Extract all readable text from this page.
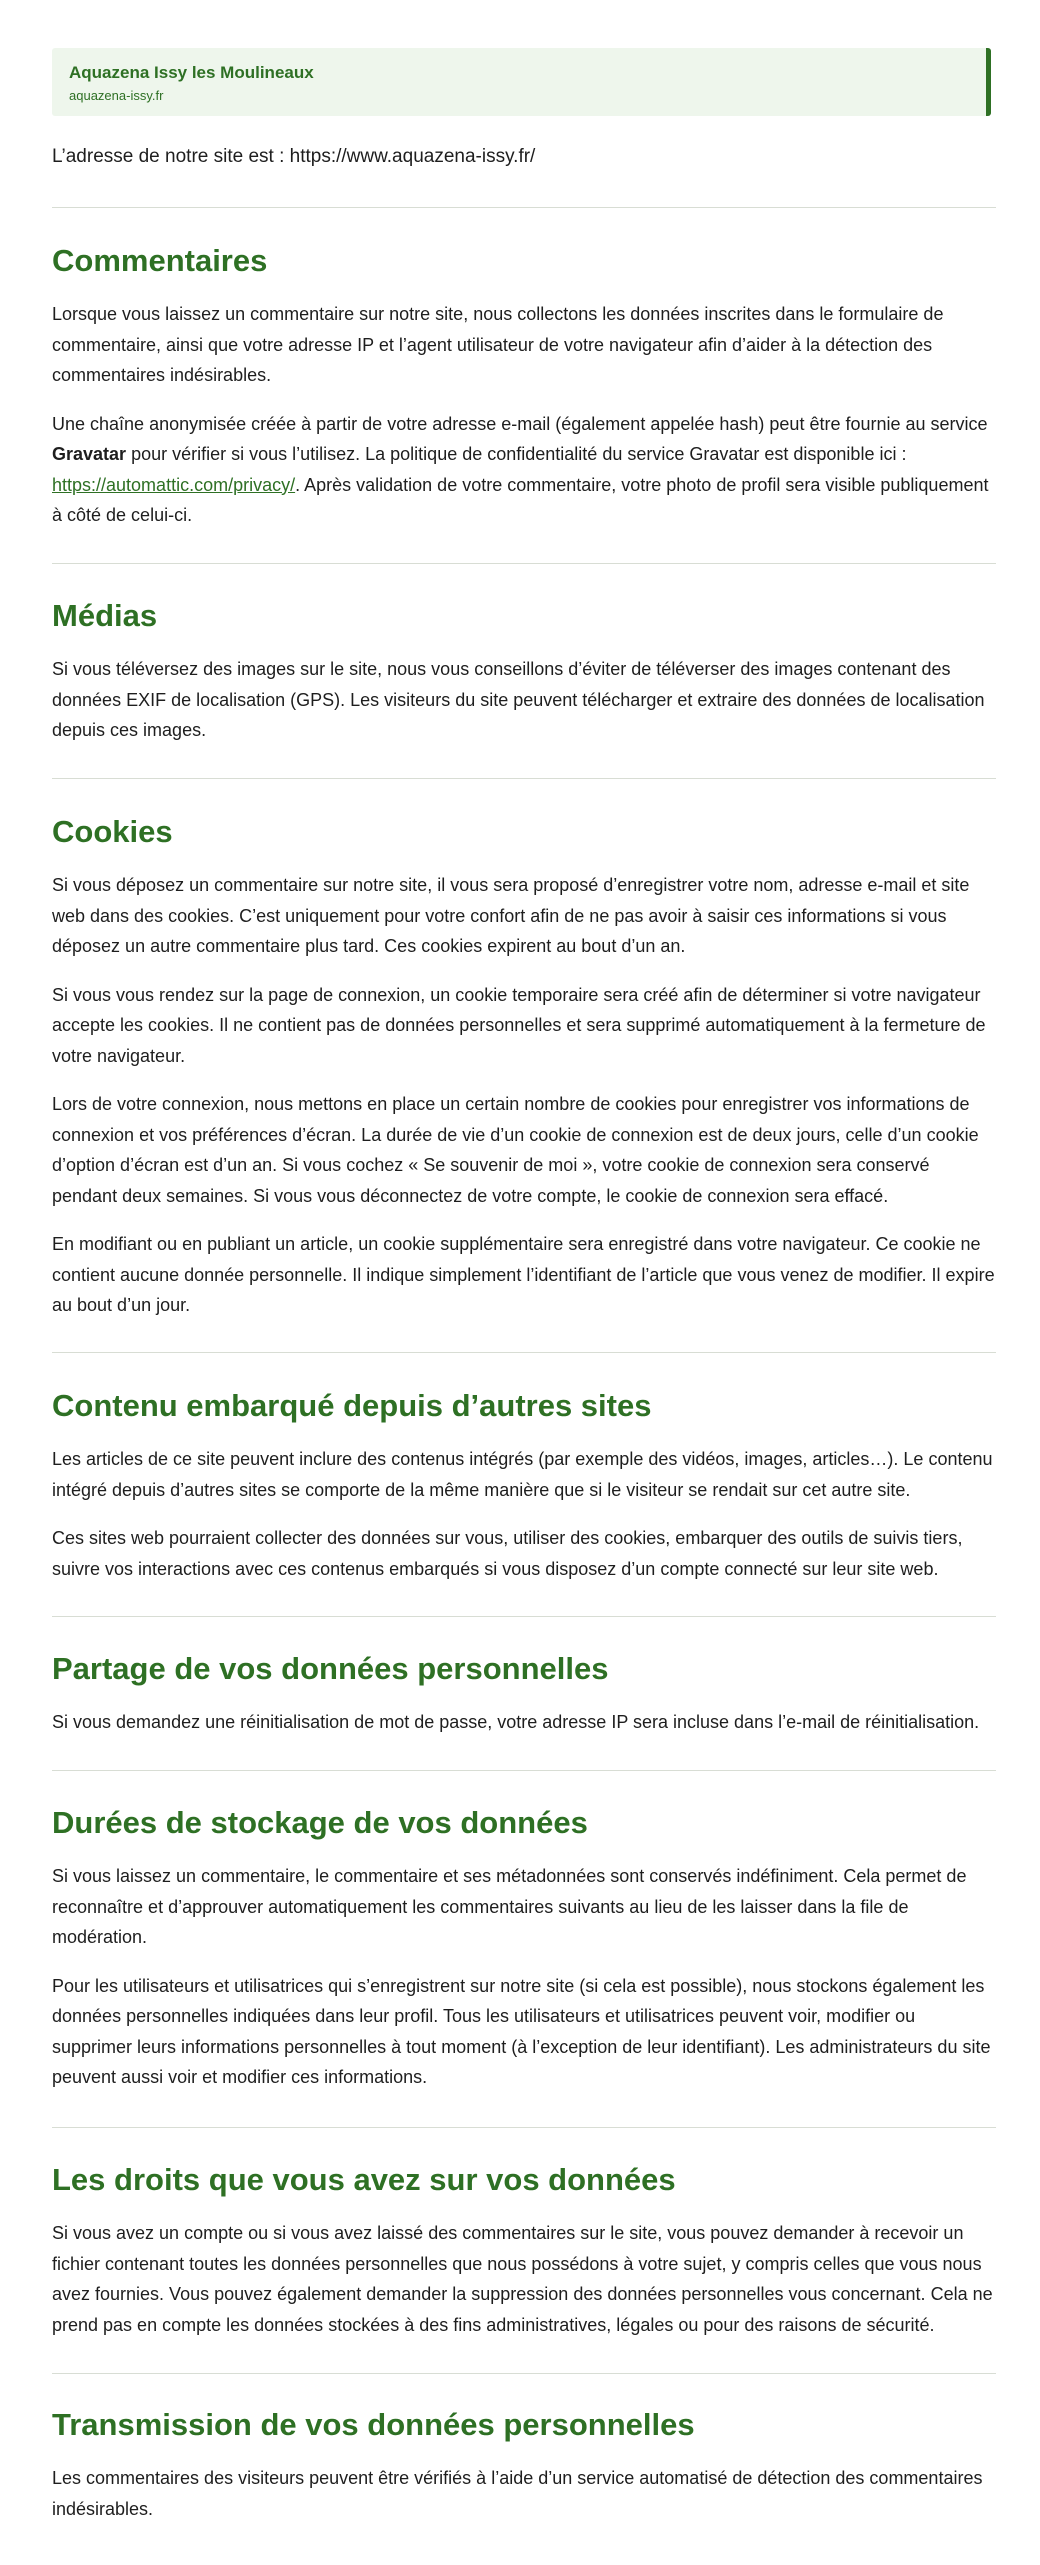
Aquazena Issy les Moulineaux
aquazena-issy.fr
L’adresse de notre site est : https://www.aquazena-issy.fr/
Commentaires

Lorsque vous laissez un commentaire sur notre site, nous collectons les données inscrites dans le formulaire de commentaire, ainsi que votre adresse IP et l’agent utilisateur de votre navigateur afin d’aider à la détection des commentaires indésirables.

Une chaîne anonymisée créée à partir de votre adresse e-mail (également appelée hash) peut être fournie au service Gravatar pour vérifier si vous l’utilisez. La politique de confidentialité du service Gravatar est disponible ici : https://automattic.com/privacy/. Après validation de votre commentaire, votre photo de profil sera visible publiquement à côté de celui-ci.

Médias

Si vous téléversez des images sur le site, nous vous conseillons d’éviter de téléverser des images contenant des données EXIF de localisation (GPS). Les visiteurs du site peuvent télécharger et extraire des données de localisation depuis ces images.

Cookies

Si vous déposez un commentaire sur notre site, il vous sera proposé d’enregistrer votre nom, adresse e-mail et site web dans des cookies. C’est uniquement pour votre confort afin de ne pas avoir à saisir ces informations si vous déposez un autre commentaire plus tard. Ces cookies expirent au bout d’un an.

Si vous vous rendez sur la page de connexion, un cookie temporaire sera créé afin de déterminer si votre navigateur accepte les cookies. Il ne contient pas de données personnelles et sera supprimé automatiquement à la fermeture de votre navigateur.

Lors de votre connexion, nous mettons en place un certain nombre de cookies pour enregistrer vos informations de connexion et vos préférences d’écran. La durée de vie d’un cookie de connexion est de deux jours, celle d’un cookie d’option d’écran est d’un an. Si vous cochez « Se souvenir de moi », votre cookie de connexion sera conservé pendant deux semaines. Si vous vous déconnectez de votre compte, le cookie de connexion sera effacé.

En modifiant ou en publiant un article, un cookie supplémentaire sera enregistré dans votre navigateur. Ce cookie ne contient aucune donnée personnelle. Il indique simplement l’identifiant de l’article que vous venez de modifier. Il expire au bout d’un jour.

Contenu embarqué depuis d’autres sites

Les articles de ce site peuvent inclure des contenus intégrés (par exemple des vidéos, images, articles…). Le contenu intégré depuis d’autres sites se comporte de la même manière que si le visiteur se rendait sur cet autre site.

Ces sites web pourraient collecter des données sur vous, utiliser des cookies, embarquer des outils de suivis tiers, suivre vos interactions avec ces contenus embarqués si vous disposez d’un compte connecté sur leur site web.

Partage de vos données personnelles

Si vous demandez une réinitialisation de mot de passe, votre adresse IP sera incluse dans l’e-mail de réinitialisation.

Durées de stockage de vos données

Si vous laissez un commentaire, le commentaire et ses métadonnées sont conservés indéfiniment. Cela permet de reconnaître et d’approuver automatiquement les commentaires suivants au lieu de les laisser dans la file de modération.

Pour les utilisateurs et utilisatrices qui s’enregistrent sur notre site (si cela est possible), nous stockons également les données personnelles indiquées dans leur profil. Tous les utilisateurs et utilisatrices peuvent voir, modifier ou supprimer leurs informations personnelles à tout moment (à l’exception de leur identifiant). Les administrateurs du site peuvent aussi voir et modifier ces informations.

Les droits que vous avez sur vos données

Si vous avez un compte ou si vous avez laissé des commentaires sur le site, vous pouvez demander à recevoir un fichier contenant toutes les données personnelles que nous possédons à votre sujet, y compris celles que vous nous avez fournies. Vous pouvez également demander la suppression des données personnelles vous concernant. Cela ne prend pas en compte les données stockées à des fins administratives, légales ou pour des raisons de sécurité.

Transmission de vos données personnelles

Les commentaires des visiteurs peuvent être vérifiés à l’aide d’un service automatisé de détection des commentaires indésirables.
